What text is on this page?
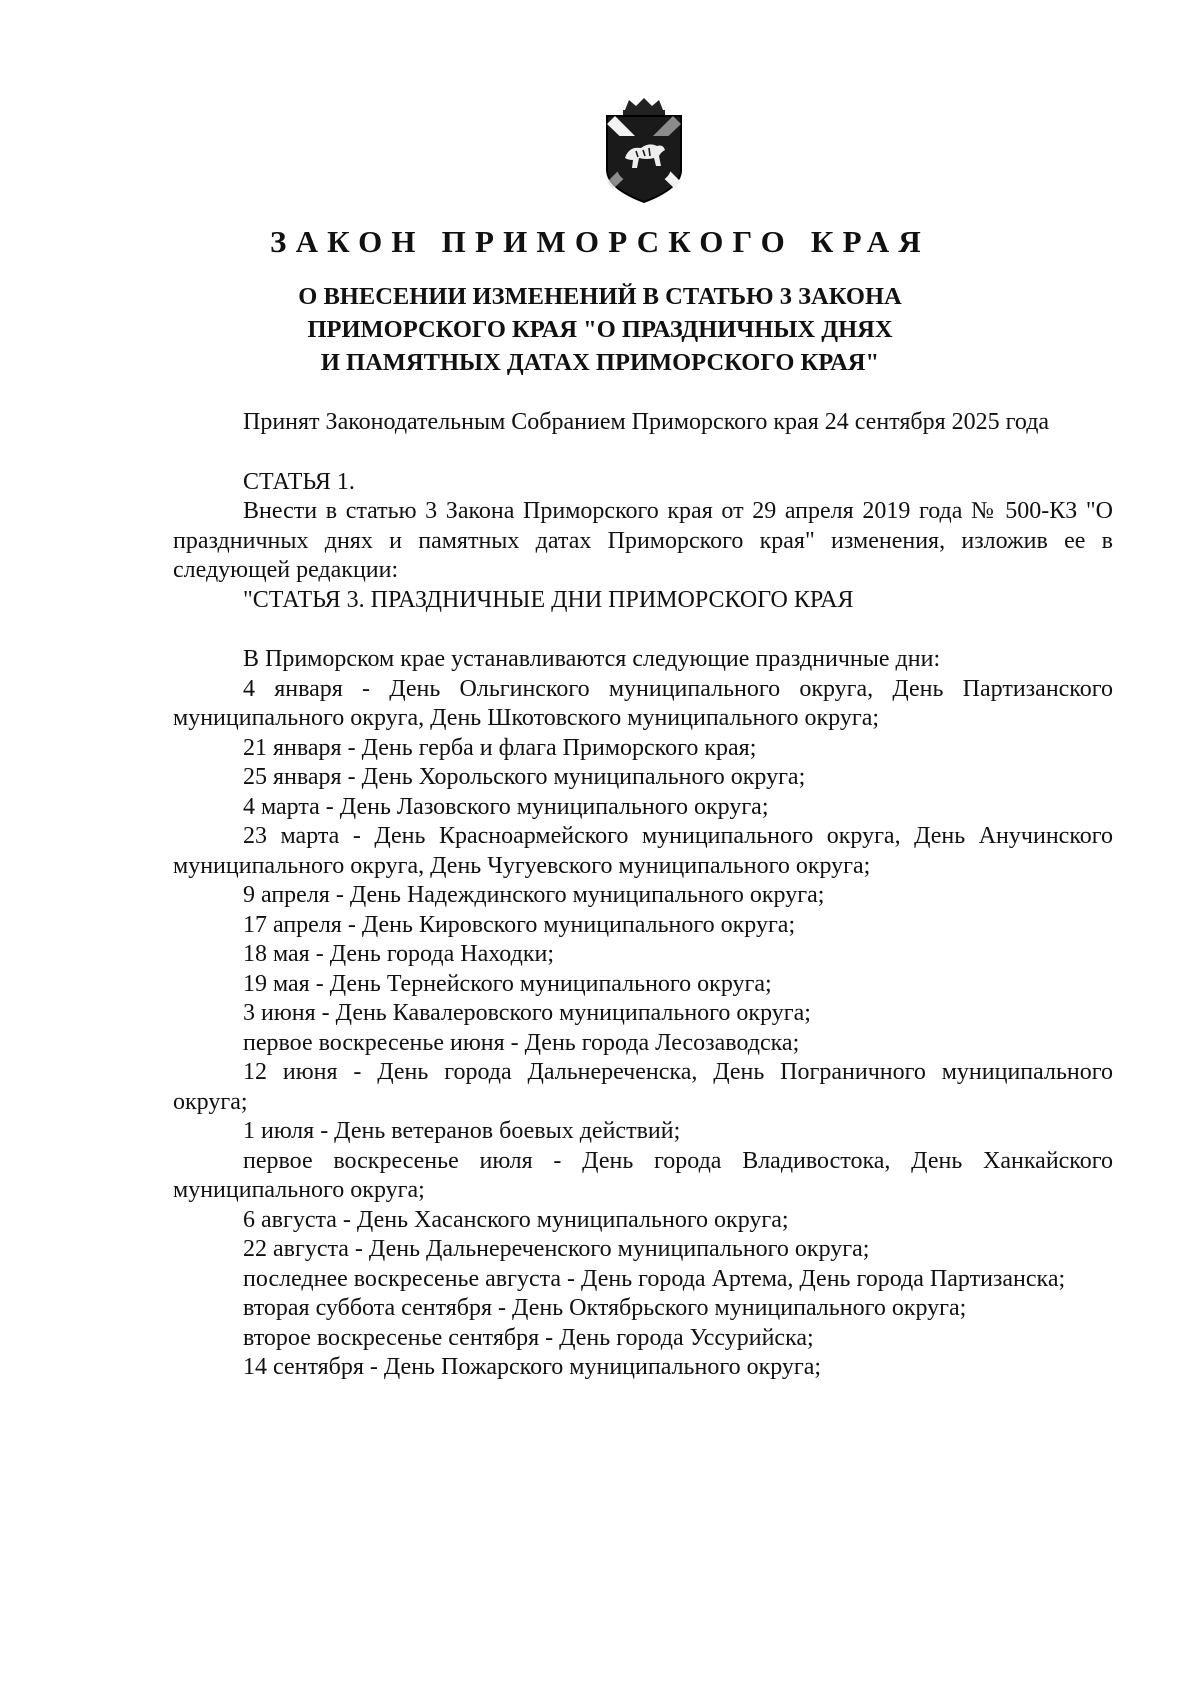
ЗАКОН ПРИМОРСКОГО КРАЯ
О ВНЕСЕНИИ ИЗМЕНЕНИЙ В СТАТЬЮ 3 ЗАКОНА
ПРИМОРСКОГО КРАЯ "О ПРАЗДНИЧНЫХ ДНЯХ
И ПАМЯТНЫХ ДАТАХ ПРИМОРСКОГО КРАЯ"

Принят Законодательным Собранием Приморского края 24 сентября 2025 года

СТАТЬЯ 1.

Внести в статью 3 Закона Приморского края от 29 апреля 2019 года № 500-КЗ "О праздничных днях и памятных датах Приморского края" изменения, изложив ее в следующей редакции:

"СТАТЬЯ 3. ПРАЗДНИЧНЫЕ ДНИ ПРИМОРСКОГО КРАЯ

В Приморском крае устанавливаются следующие праздничные дни:

4 января - День Ольгинского муниципального округа, День Партизанского муниципального округа, День Шкотовского муниципального округа;

21 января - День герба и флага Приморского края;

25 января - День Хорольского муниципального округа;

4 марта - День Лазовского муниципального округа;

23 марта - День Красноармейского муниципального округа, День Анучинского муниципального округа, День Чугуевского муниципального округа;

9 апреля - День Надеждинского муниципального округа;

17 апреля - День Кировского муниципального округа;

18 мая - День города Находки;

19 мая - День Тернейского муниципального округа;

3 июня - День Кавалеровского муниципального округа;

первое воскресенье июня - День города Лесозаводска;

12 июня - День города Дальнереченска, День Пограничного муниципального округа;

1 июля - День ветеранов боевых действий;

первое воскресенье июля - День города Владивостока, День Ханкайского муниципального округа;

6 августа - День Хасанского муниципального округа;

22 августа - День Дальнереченского муниципального округа;

последнее воскресенье августа - День города Артема, День города Партизанска;

вторая суббота сентября - День Октябрьского муниципального округа;

второе воскресенье сентября - День города Уссурийска;

14 сентября - День Пожарского муниципального округа;
